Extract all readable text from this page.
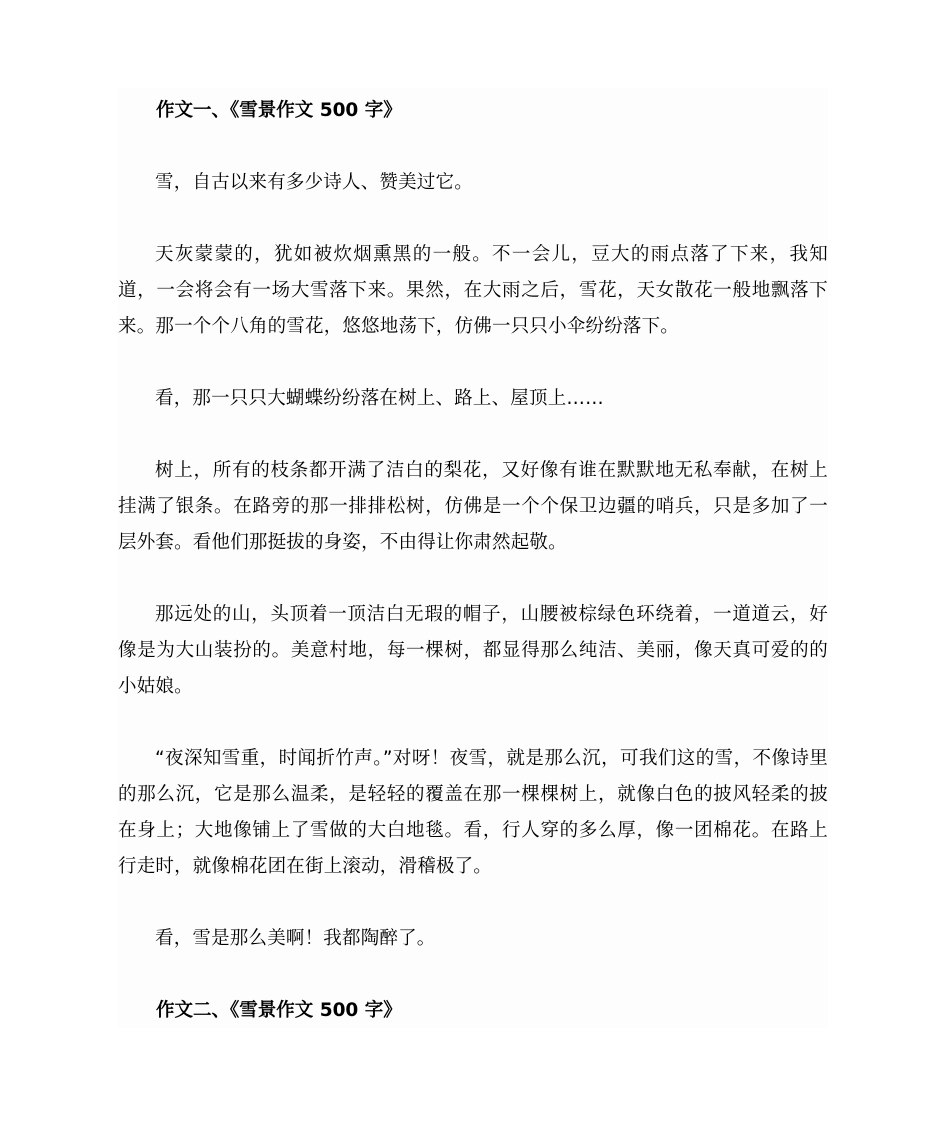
作文一、《雪景作文 500 字》

雪，自古以来有多少诗人、赞美过它。

天灰蒙蒙的，犹如被炊烟熏黑的一般。不一会儿，豆大的雨点落了下来，我知道，一会将会有一场大雪落下来。果然，在大雨之后，雪花，天女散花一般地飘落下来。那一个个八角的雪花，悠悠地荡下，仿佛一只只小伞纷纷落下。

看，那一只只大蝴蝶纷纷落在树上、路上、屋顶上……

树上，所有的枝条都开满了洁白的梨花，又好像有谁在默默地无私奉献，在树上挂满了银条。在路旁的那一排排松树，仿佛是一个个保卫边疆的哨兵，只是多加了一层外套。看他们那挺拔的身姿，不由得让你肃然起敬。

那远处的山，头顶着一顶洁白无瑕的帽子，山腰被棕绿色环绕着，一道道云，好像是为大山装扮的。美意村地，每一棵树，都显得那么纯洁、美丽，像天真可爱的的小姑娘。

“夜深知雪重，时闻折竹声。”对呀！夜雪，就是那么沉，可我们这的雪，不像诗里的那么沉，它是那么温柔，是轻轻的覆盖在那一棵棵树上，就像白色的披风轻柔的披在身上；大地像铺上了雪做的大白地毯。看，行人穿的多么厚，像一团棉花。在路上行走时，就像棉花团在街上滚动，滑稽极了。

看，雪是那么美啊！我都陶醉了。

作文二、《雪景作文 500 字》
